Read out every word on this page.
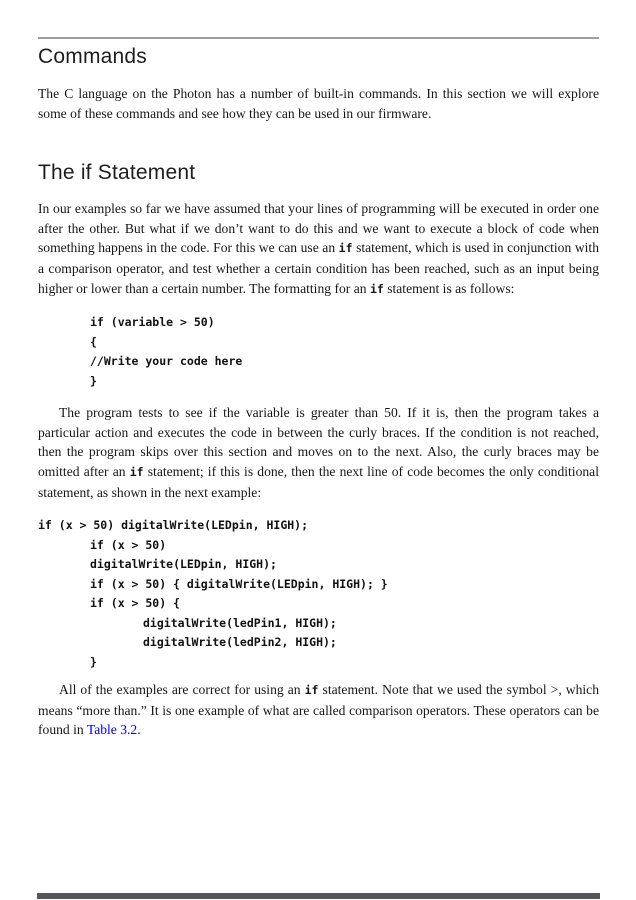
Commands

The C language on the Photon has a number of built-in commands. In this section we will explore some of these commands and see how they can be used in our firmware.

The if Statement

In our examples so far we have assumed that your lines of programming will be executed in order one after the other. But what if we don’t want to do this and we want to execute a block of code when something happens in the code. For this we can use an if statement, which is used in conjunction with a comparison operator, and test whether a certain condition has been reached, such as an input being higher or lower than a certain number. The formatting for an if statement is as follows:

if (variable > 50)
{
//Write your code here
}

The program tests to see if the variable is greater than 50. If it is, then the program takes a particular action and executes the code in between the curly braces. If the condition is not reached, then the program skips over this section and moves on to the next. Also, the curly braces may be omitted after an if statement; if this is done, then the next line of code becomes the only conditional statement, as shown in the next example:

if (x > 50) digitalWrite(LEDpin, HIGH);
if (x > 50)
digitalWrite(LEDpin, HIGH);
if (x > 50) { digitalWrite(LEDpin, HIGH); }
if (x > 50) {
digitalWrite(ledPin1, HIGH);
digitalWrite(ledPin2, HIGH);
}

All of the examples are correct for using an if statement. Note that we used the symbol >, which means “more than.” It is one example of what are called comparison operators. These operators can be found in Table 3.2.
